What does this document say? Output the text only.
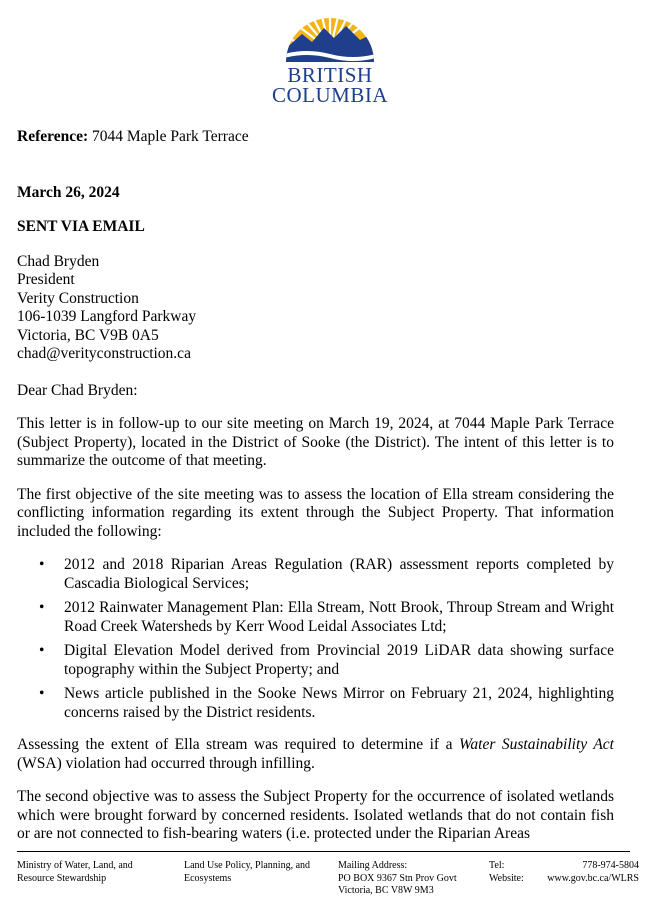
BRITISH
COLUMBIA

Reference: 7044 Maple Park Terrace

March 26, 2024

SENT VIA EMAIL

Chad Bryden
President
Verity Construction
106-1039 Langford Parkway
Victoria, BC V9B 0A5
chad@verityconstruction.ca

Dear Chad Bryden:

This letter is in follow-up to our site meeting on March 19, 2024, at 7044 Maple Park Terrace (Subject Property), located in the District of Sooke (the District). The intent of this letter is to summarize the outcome of that meeting.

The first objective of the site meeting was to assess the location of Ella stream considering the conflicting information regarding its extent through the Subject Property. That information included the following:

• 2012 and 2018 Riparian Areas Regulation (RAR) assessment reports completed by Cascadia Biological Services;
• 2012 Rainwater Management Plan: Ella Stream, Nott Brook, Throup Stream and Wright Road Creek Watersheds by Kerr Wood Leidal Associates Ltd;
• Digital Elevation Model derived from Provincial 2019 LiDAR data showing surface topography within the Subject Property; and
• News article published in the Sooke News Mirror on February 21, 2024, highlighting concerns raised by the District residents.

Assessing the extent of Ella stream was required to determine if a Water Sustainability Act (WSA) violation had occurred through infilling.

The second objective was to assess the Subject Property for the occurrence of isolated wetlands which were brought forward by concerned residents. Isolated wetlands that do not contain fish or are not connected to fish-bearing waters (i.e. protected under the Riparian Areas

Ministry of Water, Land, and
Resource Stewardship
Land Use Policy, Planning, and
Ecosystems
Mailing Address:
PO BOX 9367 Stn Prov Govt
Victoria, BC V8W 9M3
Tel:	778-974-5804
Website: www.gov.bc.ca/WLRS
